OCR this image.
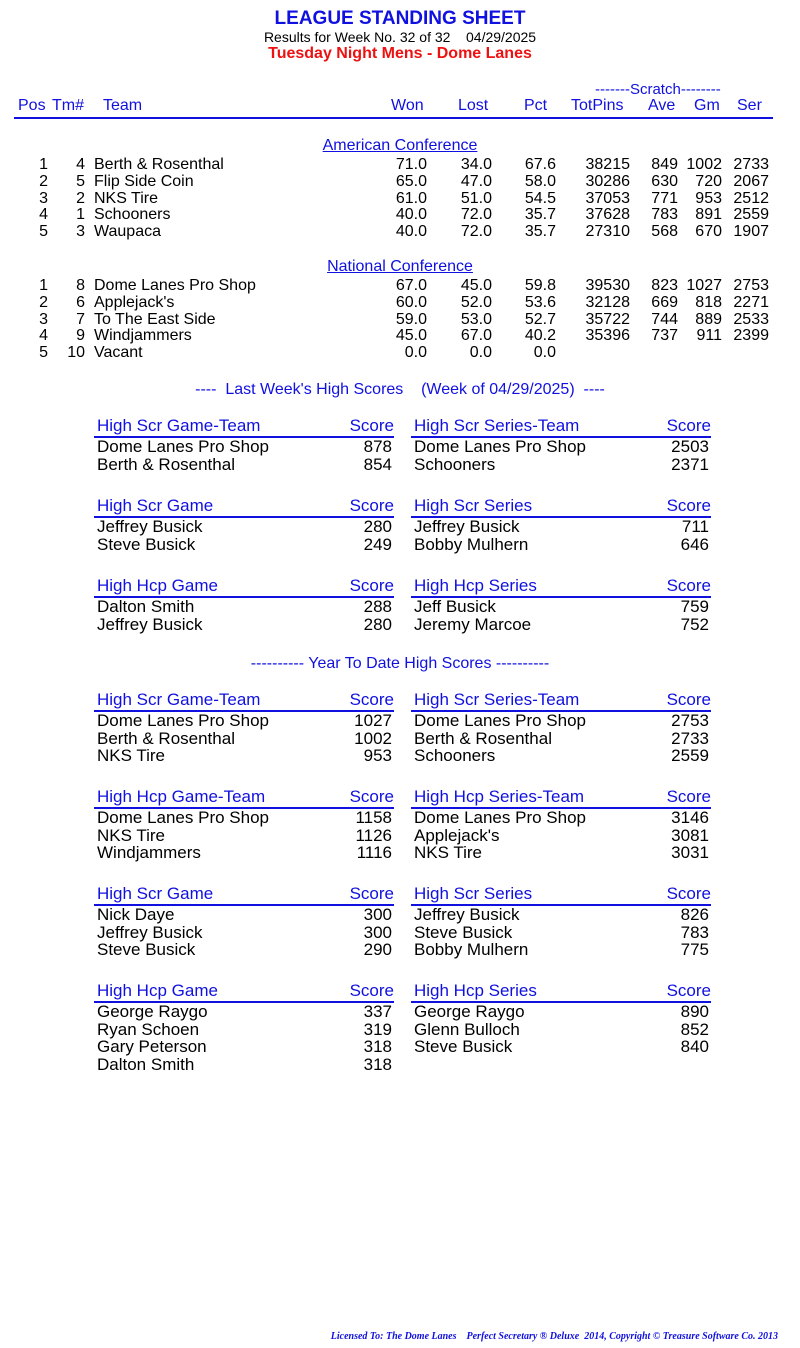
LEAGUE STANDING SHEET
Results for Week No. 32 of 32    04/29/2025
Tuesday Night Mens - Dome Lanes
-------Scratch--------
Pos Tm# Team	Won Lost Pct TotPins Ave Gm Ser
American Conference
1 4 Berth & Rosenthal	71.0 34.0 67.6 38215 849 1002 2733
2 5 Flip Side Coin	65.0 47.0 58.0 30286 630 720 2067
3 2 NKS Tire	61.0 51.0 54.5 37053 771 953 2512
4 1 Schooners	40.0 72.0 35.7 37628 783 891 2559
5 3 Waupaca	40.0 72.0 35.7 27310 568 670 1907
National Conference
1 8 Dome Lanes Pro Shop	67.0 45.0 59.8 39530 823 1027 2753
2 6 Applejack's	60.0 52.0 53.6 32128 669 818 2271
3 7 To The East Side	59.0 53.0 52.7 35722 744 889 2533
4 9 Windjammers	45.0 67.0 40.2 35396 737 911 2399
5 10 Vacant	0.0	0.0	0.0
----  Last Week's High Scores    (Week of 04/29/2025)  ----
High Scr Game-Team	Score
Dome Lanes Pro Shop	878
Berth & Rosenthal	854
High Scr Series-Team	Score
Dome Lanes Pro Shop	2503
Schooners	2371
High Scr Game	Score
Jeffrey Busick	280
Steve Busick	249
High Scr Series	Score
Jeffrey Busick	711
Bobby Mulhern	646
High Hcp Game	Score
Dalton Smith	288
Jeffrey Busick	280
High Hcp Series	Score
Jeff Busick	759
Jeremy Marcoe	752
---------- Year To Date High Scores ----------
High Scr Game-Team	Score
Dome Lanes Pro Shop	1027
Berth & Rosenthal	1002
NKS Tire	953
High Scr Series-Team	Score
Dome Lanes Pro Shop	2753
Berth & Rosenthal	2733
Schooners	2559
High Hcp Game-Team	Score
Dome Lanes Pro Shop	1158
NKS Tire	1126
Windjammers	1116
High Hcp Series-Team	Score
Dome Lanes Pro Shop	3146
Applejack's	3081
NKS Tire	3031
High Scr Game	Score
Nick Daye	300
Jeffrey Busick	300
Steve Busick	290
High Scr Series	Score
Jeffrey Busick	826
Steve Busick	783
Bobby Mulhern	775
High Hcp Game	Score
George Raygo	337
Ryan Schoen	319
Gary Peterson	318
Dalton Smith	318
High Hcp Series	Score
George Raygo	890
Glenn Bulloch	852
Steve Busick	840
Licensed To: The Dome Lanes    Perfect Secretary ® Deluxe  2014, Copyright © Treasure Software Co. 2013
